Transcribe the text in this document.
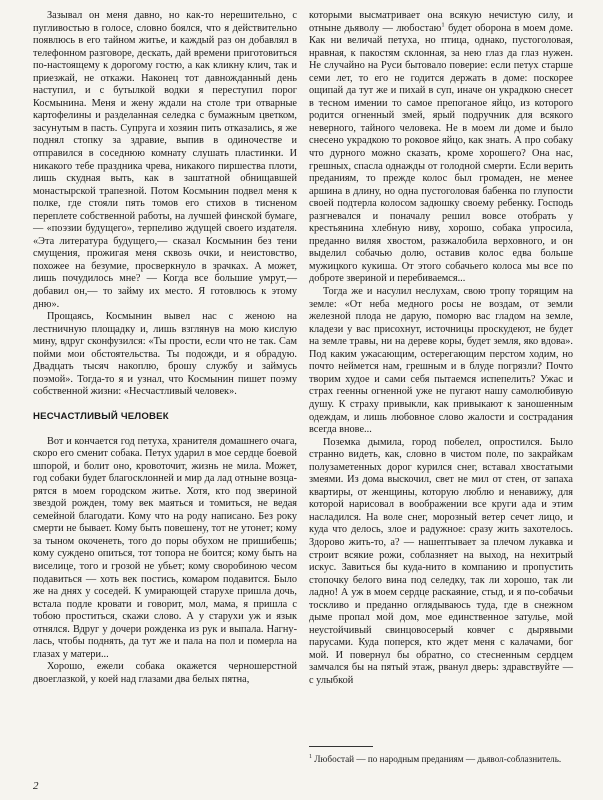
Зазывал он меня давно, но как-то нерешительно, с пугливостью в голосе, словно боялся, что я действительно появлюсь в его тайном житье, и каждый раз он добавлял в телефонном разговоре, дескать, дай времени приготовиться по-настоящему к дорогому гостю, а как кликну клич, так и приезжай, не откажи. Наконец тот давножданный день наступил, и с бутылкой водки я переступил порог Космынина. Меня и жену ждали на столе три отварные картофелины и разделанная селедка с бумажным цветком, засунутым в пасть. Супруга и хозяин пить отказались, я же поднял стопку за здравие, выпив в одиночестве и отправился в соседнюю комнату слушать пластинки. И никакого тебе праздника чрева, никакого пиршества плоти, лишь скудная выть, как в заштатной обнищавшей монастырской трапезной. Потом Космынин подвел меня к полке, где стояли пять томов его стихов в тисненом переплете собственной работы, на лучшей финской бумаге,— «поэзии будущего», терпеливо ждущей своего издателя. «Эта литература будущего,— сказал Космынин без тени смущения, прожигая меня сквозь очки, и неистовство, похожее на безумие, просверкнуло в зрачках. А может, лишь почудилось мне? — Когда все большие умрут,— добавил он,— то займу их место. Я готовлюсь к этому дню».

Прощаясь, Космынин вывел нас с женою на лестничную площадку и, лишь взглянув на мою кислую мину, вдруг сконфузился: «Ты прости, если что не так. Сам пойми мои обстоятельства. Ты подожди, и я обрадую. Двадцать тысяч накоплю, брошу службу и займусь поэмой». Тогда-то я и узнал, что Космынин пишет поэму собственной жизни: «Несчастливый человек».

НЕСЧАСТЛИВЫЙ ЧЕЛОВЕК

Вот и кончается год петуха, хранителя домашнего очага, скоро его сменит собака. Петух ударил в мое сердце боевой шпорой, и болит оно, кровоточит, жизнь не мила. Может, год собаки будет благосклонней и мир да лад отныне возцарятся в моем городском житье. Хотя, кто под звериной звездой рожден, тому век маяться и томиться, не ведая семейной благодати. Кому что на роду написано. Без року смерти не бывает. Кому быть повешену, тот не утонет; кому за тыном окоченеть, того до поры обухом не пришибешь; кому суждено опиться, тот топора не боится; кому быть на виселице, того и грозой не убьет; кому своробиною чесом подавиться — хоть век постись, комаром подавится. Было же на днях у соседей. К умирающей старухе пришла дочь, встала подле кровати и говорит, мол, мама, я пришла с тобою проститься, скажи слово. А у старухи уж и язык отнялся. Вдруг у дочери рожденка из рук и выпала. Нагнулась, чтобы поднять, да тут же и пала на пол и померла на глазах у матери...

Хорошо, ежели собака окажется черношерстной двоеглазкой, у коей над глазами два белых пятна,

которыми высматривает она всякую нечистую силу, и отныне дьяволу — любостаю$^1$ будет оборона в моем доме. Как ни величай петуха, но птица, однако, пустоголовая, нравная, к пакостям склонная, за нею глаз да глаз нужен. Не случайно на Руси бытовало поверие: если петух старше семи лет, то его не годится держать в доме: поскорее ощипай да тут же и пихай в суп, иначе он украдкою снесет в тесном имении то самое препоганое яйцо, из которого родится огненный змей, ярый подручник для всякого неверного, тайного человека. Не в моем ли доме и было снесено украдкою то роковое яйцо, как знать. А про собаку что дурного можно сказать, кроме хорошего? Она нас, грешных, спасла однажды от голодной смерти. Если верить преданиям, то прежде колос был громаден, не менее аршина в длину, но одна пустоголовая бабенка по глупости своей подтерла колосом задюшку своему ребенку. Господь разгневался и поначалу решил вовсе отобрать у крестьянина хлебную ниву, хорошо, собака упросила, преданно виляя хвостом, разжалобила верховного, и он выделил собачью долю, оставив колос едва больше мужицкого кукиша. От этого собачьего колоса мы все по доброте звериной и перебиваемся...

Тогда же и насулил неслухам, свою тропу торящим на земле: «От неба медного росы не воздам, от земли железной плода не дарую, поморю вас гладом на земле, кладези у вас присохнут, источницы проскудеют, не будет на земле травы, ни на дереве коры, будет земля, яко вдова». Под каким ужасающим, остерегающим перстом ходим, но почто неймется нам, грешным и в блуде погрязли? Почто творим худое и сами себя пытаемся испепелить? Ужас и страх геенны огненной уже не пугают нашу самолюбивую душу. К страху привыкли, как привыкают к заношенным одеждам, и лишь любовное слово жалости и сострадания всегда внове...

Поземка дымила, город побелел, опростился. Было странно видеть, как, словно в чистом поле, по закрайкам полузаметенных дорог курился снег, вставал хвостатыми змеями. Из дома выскочил, свет не мил от стен, от запаха квартиры, от женщины, которую люблю и ненавижу, для которой нарисовал в воображении все круги ада и этим насладился. На воле снег, морозный ветер сечет лицо, и куда что делось, злое и радужное: сразу жить захотелось. Здорово жить-то, а? — нашептывает за плечом лукавка и строит всякие рожи, соблазняет на выход, на нехитрый искус. Завиться бы куда-нито в компанию и пропустить стопочку белого вина под селедку, так ли хорошо, так ли ладно! А уж в моем сердце раскаяние, стыд, и я по-собачьи тоскливо и преданно оглядываюсь туда, где в снежном дыме пропал мой дом, мое единственное затулье, мой неустойчивый свинцовосерый ковчег с дырявыми парусами. Куда поперся, кто ждет меня с калачами, бог мой. И повернул бы обратно, со стесненным сердцем замчался бы на пятый этаж, рванул дверь: здравствуйте — с улыбкой

$^1$ Любостай — по народным преданиям — дьявол-соблазнитель.

2
